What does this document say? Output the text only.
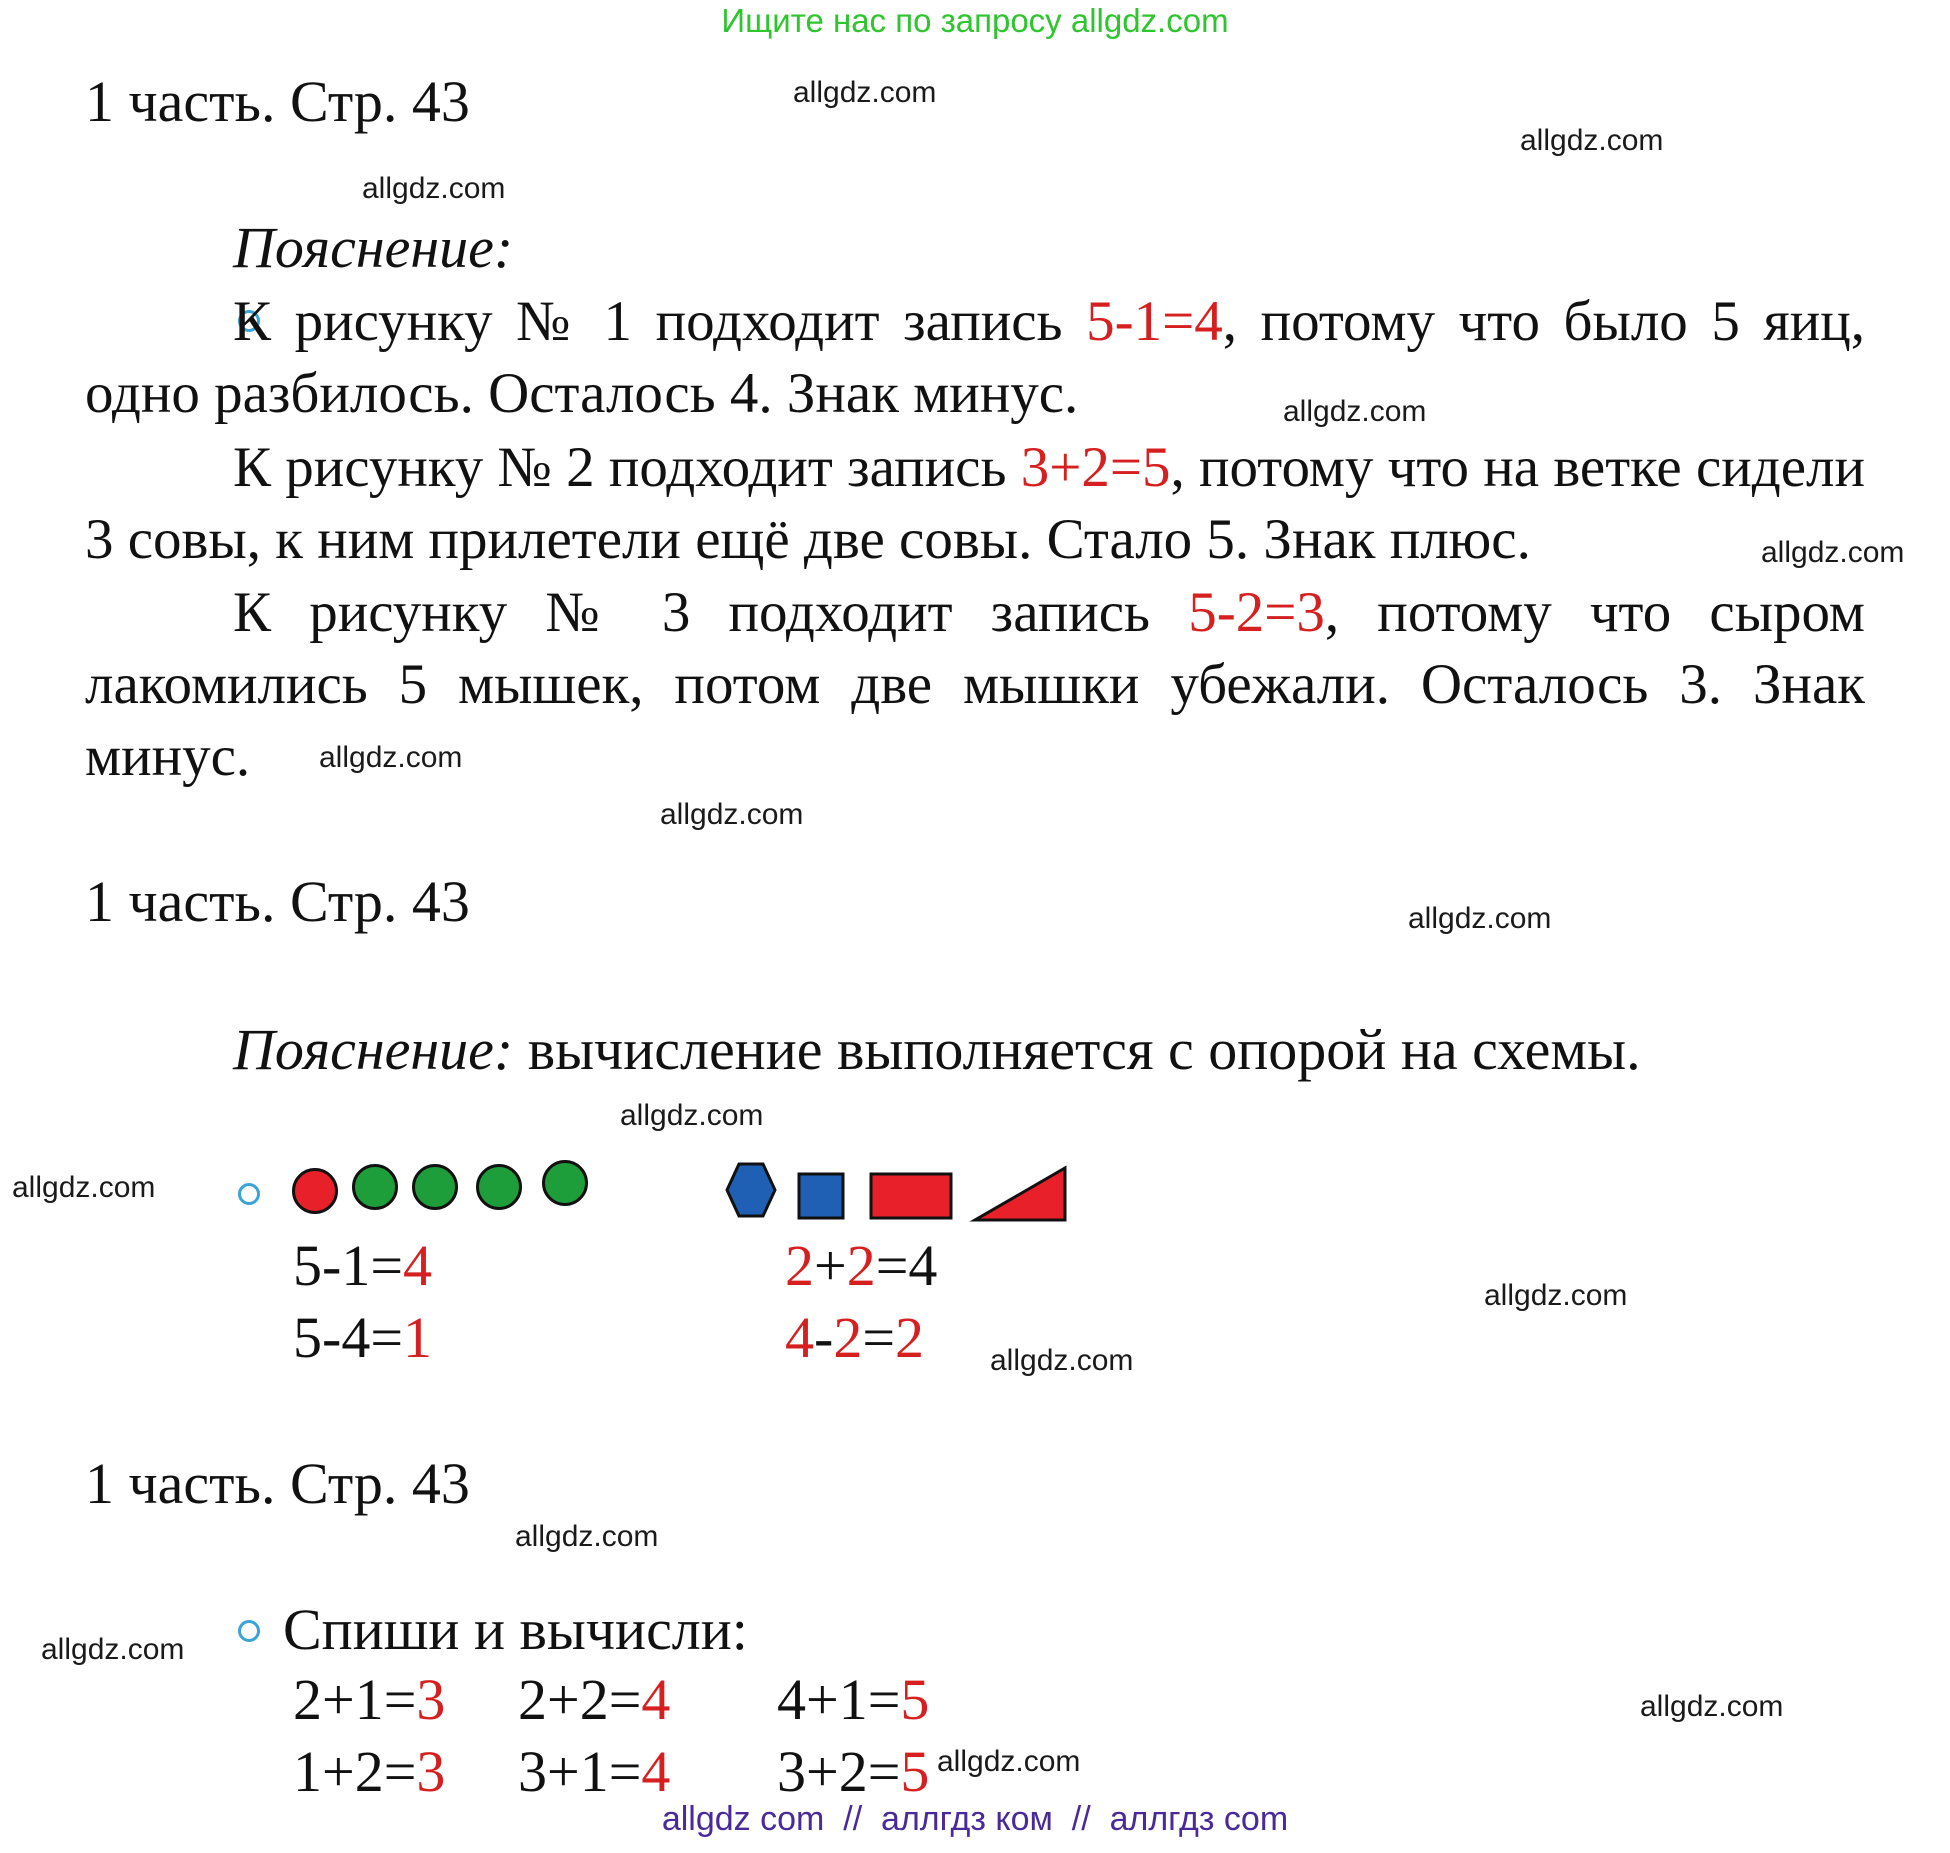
Ищите нас по запросу allgdz.com
1 часть. Стр. 43
Пояснение:
К рисунку № 1 подходит запись 5-1=4, потому что было 5 яиц, одно разбилось. Осталось 4. Знак минус.
К рисунку № 2 подходит запись 3+2=5, потому что на ветке сидели 3 совы, к ним прилетели ещё две совы. Стало 5. Знак плюс.
К рисунку № 3 подходит запись 5-2=3, потому что сыром лакомились 5 мышек, потом две мышки убежали. Осталось 3. Знак минус.
1 часть. Стр. 43
Пояснение: вычисление выполняется с опорой на схемы.
5-1=4
5-4=1
2+2=4
4-2=2
1 часть. Стр. 43
Спиши и вычисли:
2+1=3 2+2=4 4+1=5
1+2=3 3+1=4 3+2=5
allgdz.com
allgdz.com
allgdz.com
allgdz.com
allgdz.com
allgdz.com
allgdz.com
allgdz.com
allgdz.com
allgdz.com
allgdz.com
allgdz.com
allgdz.com
allgdz.com
allgdz.com
allgdz.com
allgdz com  //  аллгдз ком  //  аллгдз com
